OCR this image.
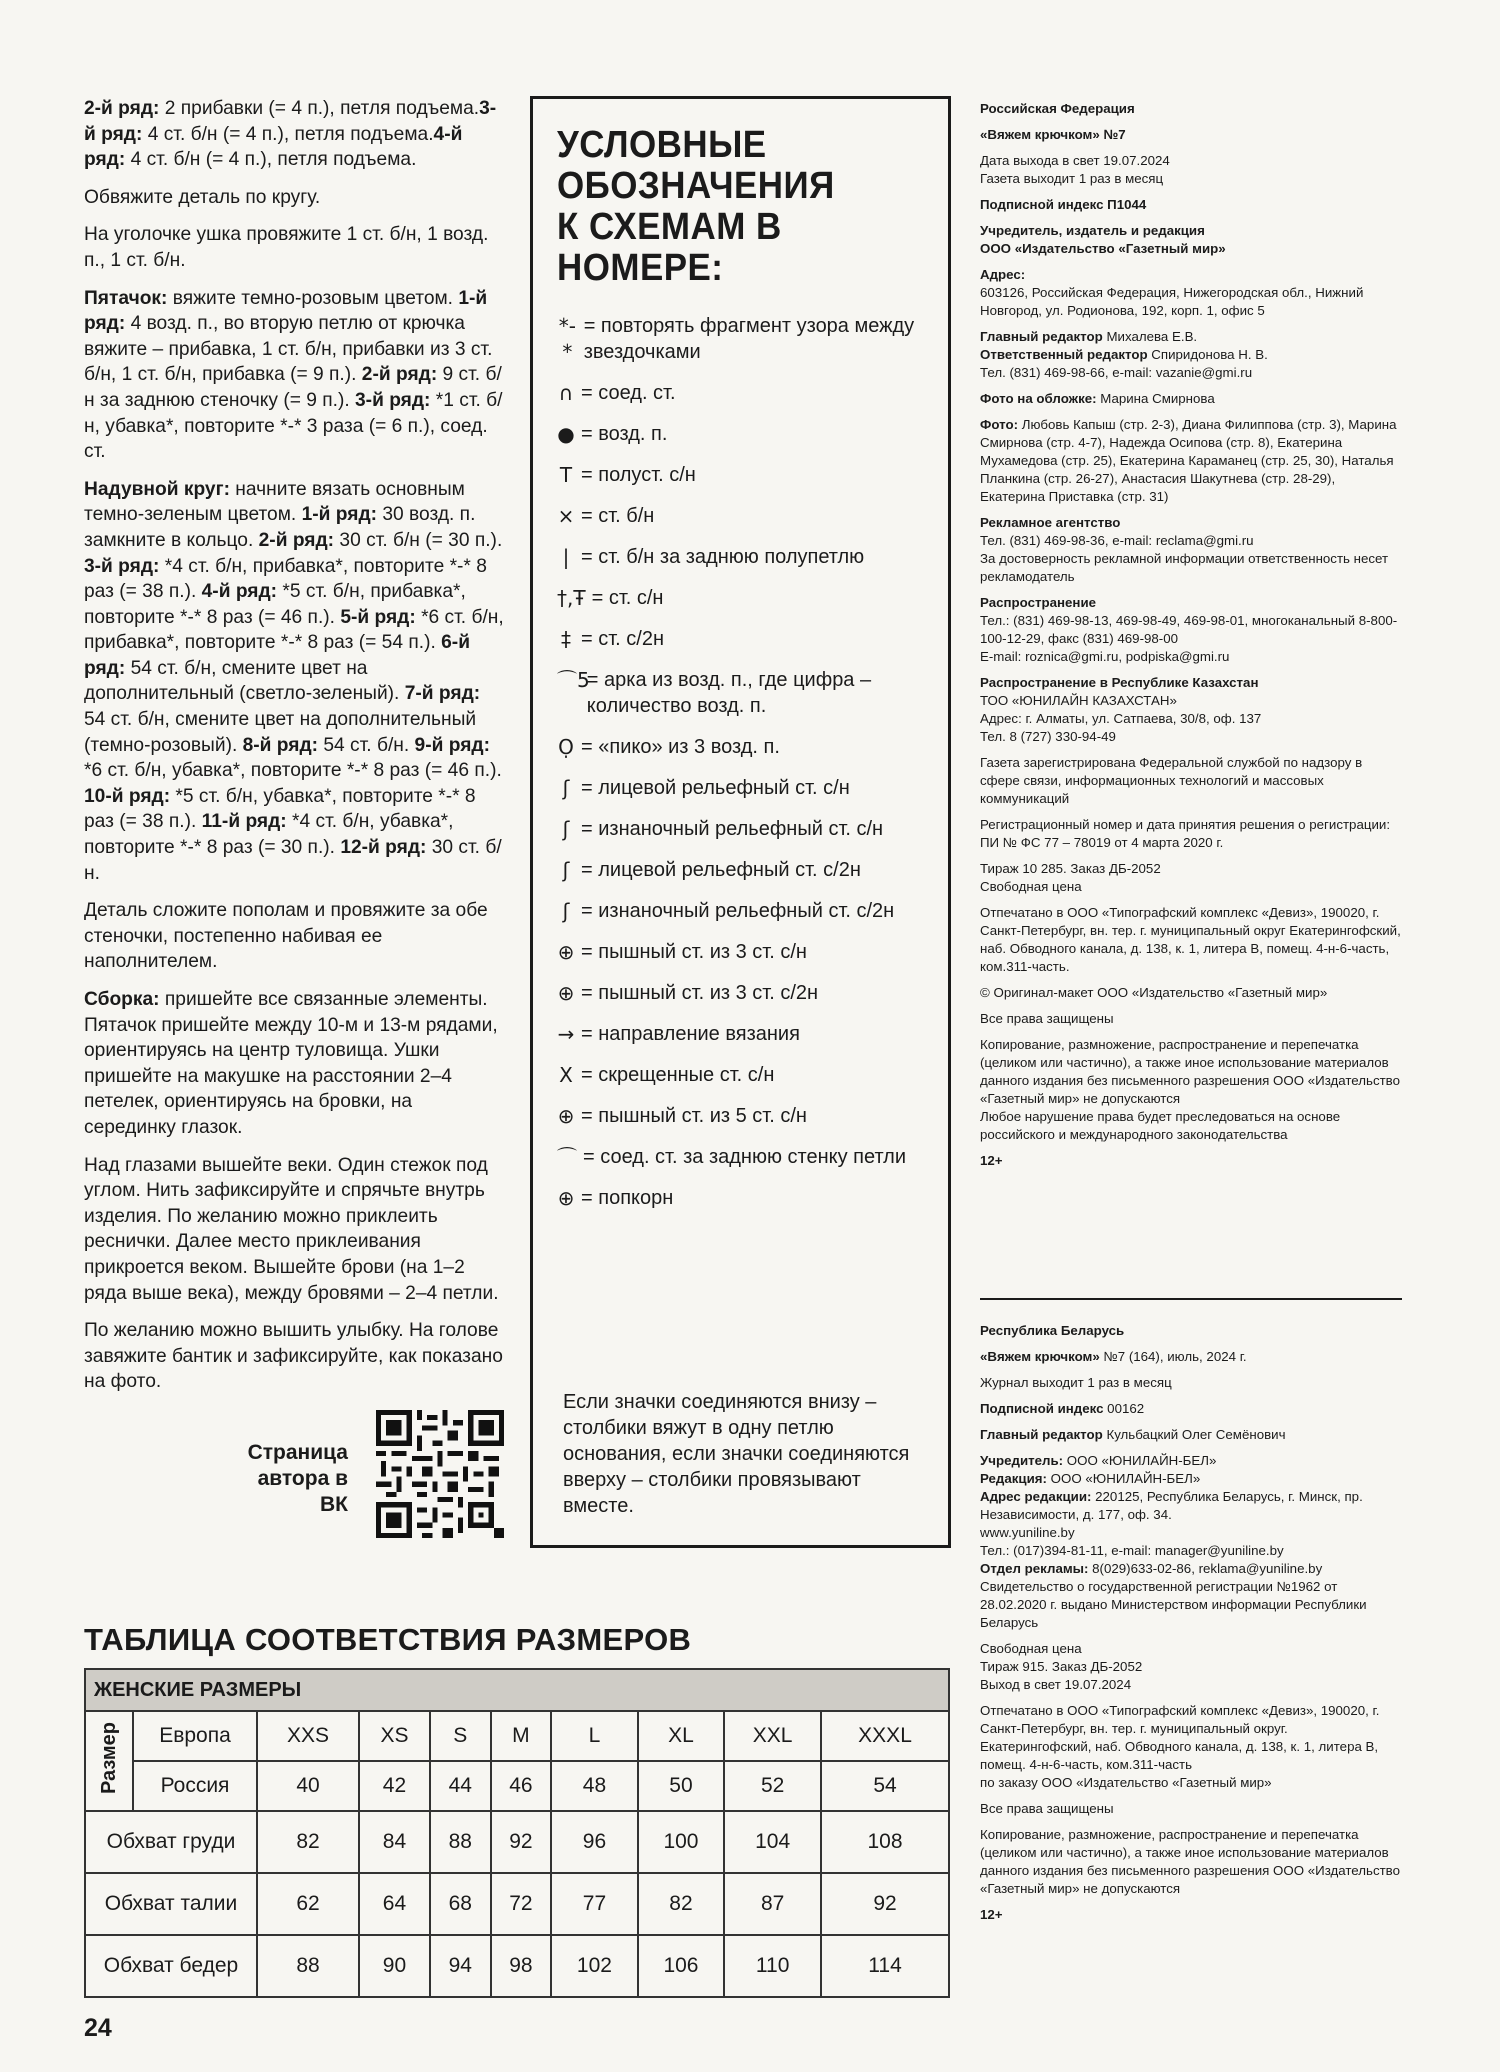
2-й ряд: 2 прибавки (= 4 п.), петля подъема.3-й ряд: 4 ст. б/н (= 4 п.), петля подъема.4-й ряд: 4 ст. б/н (= 4 п.), петля подъема.

Обвяжите деталь по кругу.

На уголочке ушка провяжите 1 ст. б/н, 1 возд. п., 1 ст. б/н.

Пятачок: вяжите темно-розовым цветом. 1-й ряд: 4 возд. п., во вторую петлю от крючка вяжите – прибавка, 1 ст. б/н, прибавки из 3 ст. б/н, 1 ст. б/н, прибавка (= 9 п.). 2-й ряд: 9 ст. б/н за заднюю стеночку (= 9 п.). 3-й ряд: *1 ст. б/н, убавка*, повторите *-* 3 раза (= 6 п.), соед. ст.

Надувной круг: начните вязать основным темно-зеленым цветом. 1-й ряд: 30 возд. п. замкните в кольцо. 2-й ряд: 30 ст. б/н (= 30 п.). 3-й ряд: *4 ст. б/н, прибавка*, повторите *-* 8 раз (= 38 п.). 4-й ряд: *5 ст. б/н, прибавка*, повторите *-* 8 раз (= 46 п.). 5-й ряд: *6 ст. б/н, прибавка*, повторите *-* 8 раз (= 54 п.). 6-й ряд: 54 ст. б/н, смените цвет на дополнительный (светло-зеленый). 7-й ряд: 54 ст. б/н, смените цвет на дополнительный (темно-розовый). 8-й ряд: 54 ст. б/н. 9-й ряд: *6 ст. б/н, убавка*, повторите *-* 8 раз (= 46 п.). 10-й ряд: *5 ст. б/н, убавка*, повторите *-* 8 раз (= 38 п.). 11-й ряд: *4 ст. б/н, убавка*, повторите *-* 8 раз (= 30 п.). 12-й ряд: 30 ст. б/н.

Деталь сложите пополам и провяжите за обе стеночки, постепенно набивая ее наполнителем.

Сборка: пришейте все связанные элементы. Пятачок пришейте между 10-м и 13-м рядами, ориентируясь на центр туловища. Ушки пришейте на макушке на расстоянии 2–4 петелек, ориентируясь на бровки, на серединку глазок.

Над глазами вышейте веки. Один стежок под углом. Нить зафиксируйте и спрячьте внутрь изделия. По желанию можно приклеить реснички. Далее место приклеивания прикроется веком. Вышейте брови (на 1–2 ряда выше века), между бровями – 2–4 петли.

По желанию можно вышить улыбку. На голове завяжите бантик и зафиксируйте, как показано на фото.

Страница
автора в ВК
УСЛОВНЫЕ
ОБОЗНАЧЕНИЯ
К СХЕМАМ В НОМЕРЕ:
*-*
= повторять фрагмент узора между звездочками
∩ = соед. ст.
● = возд. п.
T = полуст. с/н
× = ст. б/н
| = ст. б/н за заднюю полупетлю
†,Ŧ = ст. с/н
‡ = ст. с/2н
⌒5
= арка из возд. п., где цифра – количество возд. п.
Ọ = «пико» из 3 возд. п.
ʃ = лицевой рельефный ст. с/н
ʃ = изнаночный рельефный ст. с/н
ʃ = лицевой рельефный ст. с/2н
ʃ = изнаночный рельефный ст. с/2н
⊕ = пышный ст. из 3 ст. с/н
⊕ = пышный ст. из 3 ст. с/2н
→ = направление вязания
X = скрещенные ст. с/н
⊕ = пышный ст. из 5 ст. с/н
⌒ = соед. ст. за заднюю стенку петли
⊕ = попкорн
Если значки соединяются внизу – столбики вяжут в одну петлю основания, если значки соединяются вверху – столбики провязывают вместе.
Российская Федерация
«Вяжем крючком» №7
Дата выхода в свет 19.07.2024
Газета выходит 1 раз в месяц
Подписной индекс П1044
Учредитель, издатель и редакция
ООО «Издательство «Газетный мир»
Адрес:
603126, Российская Федерация, Нижегородская обл., Нижний Новгород, ул. Родионова, 192, корп. 1, офис 5
Главный редактор Михалева Е.В.
Ответственный редактор Спиридонова Н. В.
Тел. (831) 469-98-66, e-mail: vazanie@gmi.ru
Фото на обложке: Марина Смирнова
Фото: Любовь Капыш (стр. 2-3), Диана Филиппова (стр. 3), Марина Смирнова (стр. 4-7), Надежда Осипова (стр. 8), Екатерина Мухамедова (стр. 25), Екатерина Караманец (стр. 25, 30), Наталья Планкина (стр. 26-27), Анастасия Шакутнева (стр. 28-29), Екатерина Приставка (стр. 31)
Рекламное агентство
Тел. (831) 469-98-36, e-mail: reclama@gmi.ru
За достоверность рекламной информации ответственность несет рекламодатель
Распространение
Тел.: (831) 469-98-13, 469-98-49, 469-98-01, многоканальный 8-800-100-12-29, факс (831) 469-98-00
E-mail: roznica@gmi.ru, podpiska@gmi.ru
Распространение в Республике Казахстан
ТОО «ЮНИЛАЙН КАЗАХСТАН»
Адрес: г. Алматы, ул. Сатпаева, 30/8, оф. 137
Тел. 8 (727) 330-94-49
Газета зарегистрирована Федеральной службой по надзору в сфере связи, информационных технологий и массовых коммуникаций
Регистрационный номер и дата принятия решения о регистрации: ПИ № ФС 77 – 78019 от 4 марта 2020 г.
Тираж 10 285. Заказ ДБ-2052
Свободная цена
Отпечатано в ООО «Типографский комплекс «Девиз», 190020, г. Санкт-Петербург, вн. тер. г. муниципальный округ Екатерингофский, наб. Обводного канала, д. 138, к. 1, литера В, помещ. 4-н-6-часть, ком.311-часть.
© Оригинал-макет ООО «Издательство «Газетный мир»
Все права защищены
Копирование, размножение, распространение и перепечатка (целиком или частично), а также иное использование материалов данного издания без письменного разрешения ООО «Издательство «Газетный мир» не допускаются
Любое нарушение права будет преследоваться на основе российского и международного законодательства
12+
Республика Беларусь
«Вяжем крючком» №7 (164), июль, 2024 г.
Журнал выходит 1 раз в месяц
Подписной индекс 00162
Главный редактор Кульбацкий Олег Семёнович
Учредитель: ООО «ЮНИЛАЙН-БЕЛ»
Редакция: ООО «ЮНИЛАЙН-БЕЛ»
Адрес редакции: 220125, Республика Беларусь, г. Минск, пр. Независимости, д. 177, оф. 34.
www.yuniline.by
Тел.: (017)394-81-11, e-mail: manager@yuniline.by
Отдел рекламы: 8(029)633-02-86, reklama@yuniline.by
Свидетельство о государственной регистрации №1962 от 28.02.2020 г. выдано Министерством информации Республики Беларусь
Свободная цена
Тираж 915. Заказ ДБ-2052
Выход в свет 19.07.2024
Отпечатано в ООО «Типографский комплекс «Девиз», 190020, г. Санкт-Петербург, вн. тер. г. муниципальный округ. Екатерингофский, наб. Обводного канала, д. 138, к. 1, литера В, помещ. 4-н-6-часть, ком.311-часть
по заказу ООО «Издательство «Газетный мир»
Все права защищены
Копирование, размножение, распространение и перепечатка (целиком или частично), а также иное использование материалов данного издания без письменного разрешения ООО «Издательство «Газетный мир» не допускаются
12+
ТАБЛИЦА СООТВЕТСТВИЯ РАЗМЕРОВ
ЖЕНСКИЕ РАЗМЕРЫ									
Размер	Европа	XXS	XS	S	M	L	XL	XXL	XXXL
	Россия	40	42	44	46	48	50	52	54
Обхват груди		82	84	88	92	96	100	104	108
Обхват талии		62	64	68	72	77	82	87	92
Обхват бедер		88	90	94	98	102	106	110	114
24
